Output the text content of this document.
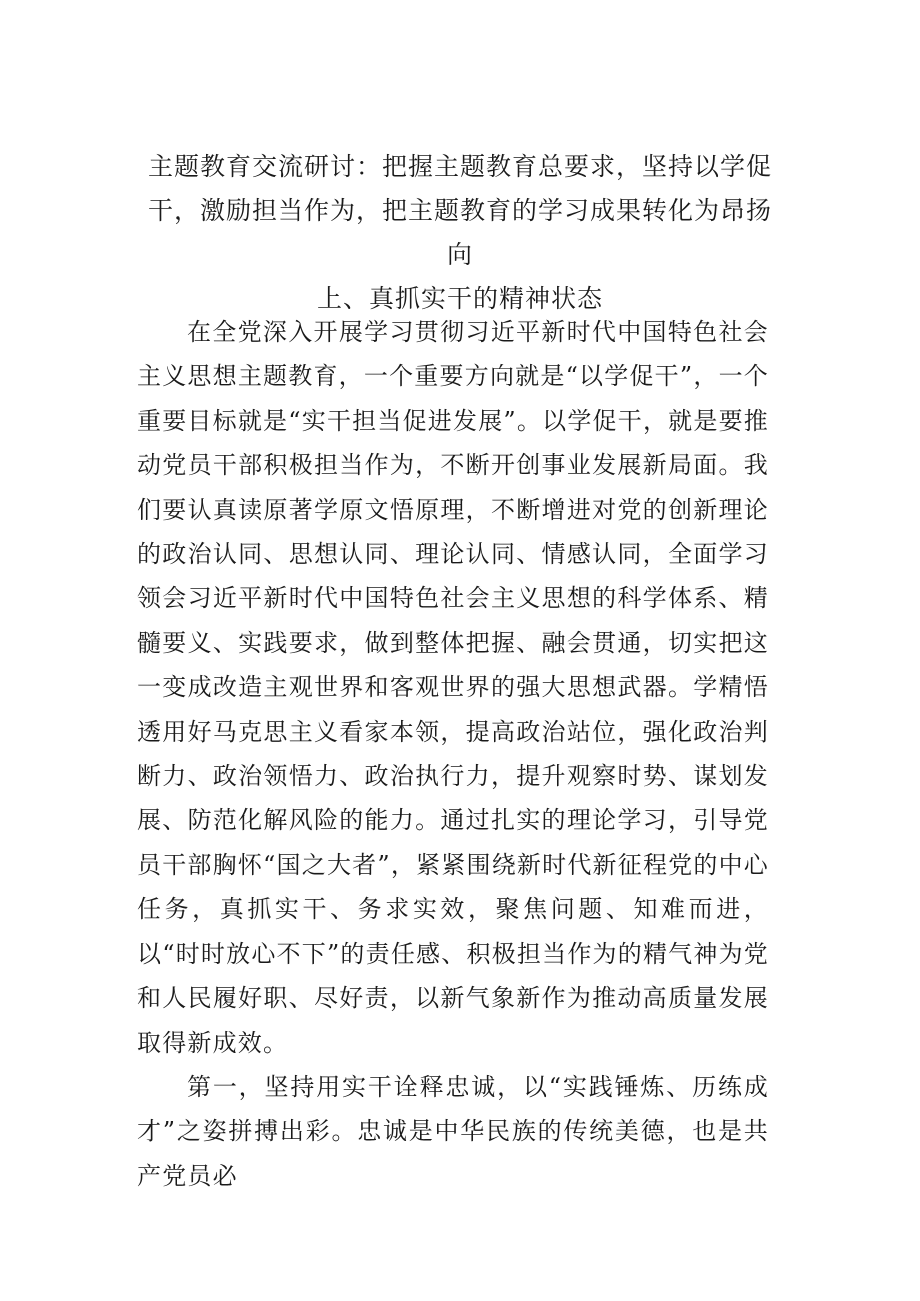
主题教育交流研讨：把握主题教育总要求，坚持以学促
干，激励担当作为，把主题教育的学习成果转化为昂扬向
上、真抓实干的精神状态

在全党深入开展学习贯彻习近平新时代中国特色社会主义思想主题教育，一个重要方向就是“以学促干”，一个重要目标就是“实干担当促进发展”。以学促干，就是要推动党员干部积极担当作为，不断开创事业发展新局面。我们要认真读原著学原文悟原理，不断增进对党的创新理论的政治认同、思想认同、理论认同、情感认同，全面学习领会习近平新时代中国特色社会主义思想的科学体系、精髓要义、实践要求，做到整体把握、融会贯通，切实把这一变成改造主观世界和客观世界的强大思想武器。学精悟透用好马克思主义看家本领，提高政治站位，强化政治判断力、政治领悟力、政治执行力，提升观察时势、谋划发展、防范化解风险的能力。通过扎实的理论学习，引导党员干部胸怀“国之大者”，紧紧围绕新时代新征程党的中心任务，真抓实干、务求实效，聚焦问题、知难而进，以“时时放心不下”的责任感、积极担当作为的精气神为党和人民履好职、尽好责，以新气象新作为推动高质量发展取得新成效。

第一，坚持用实干诠释忠诚，以“实践锤炼、历练成才”之姿拼搏出彩。忠诚是中华民族的传统美德，也是共产党员必
